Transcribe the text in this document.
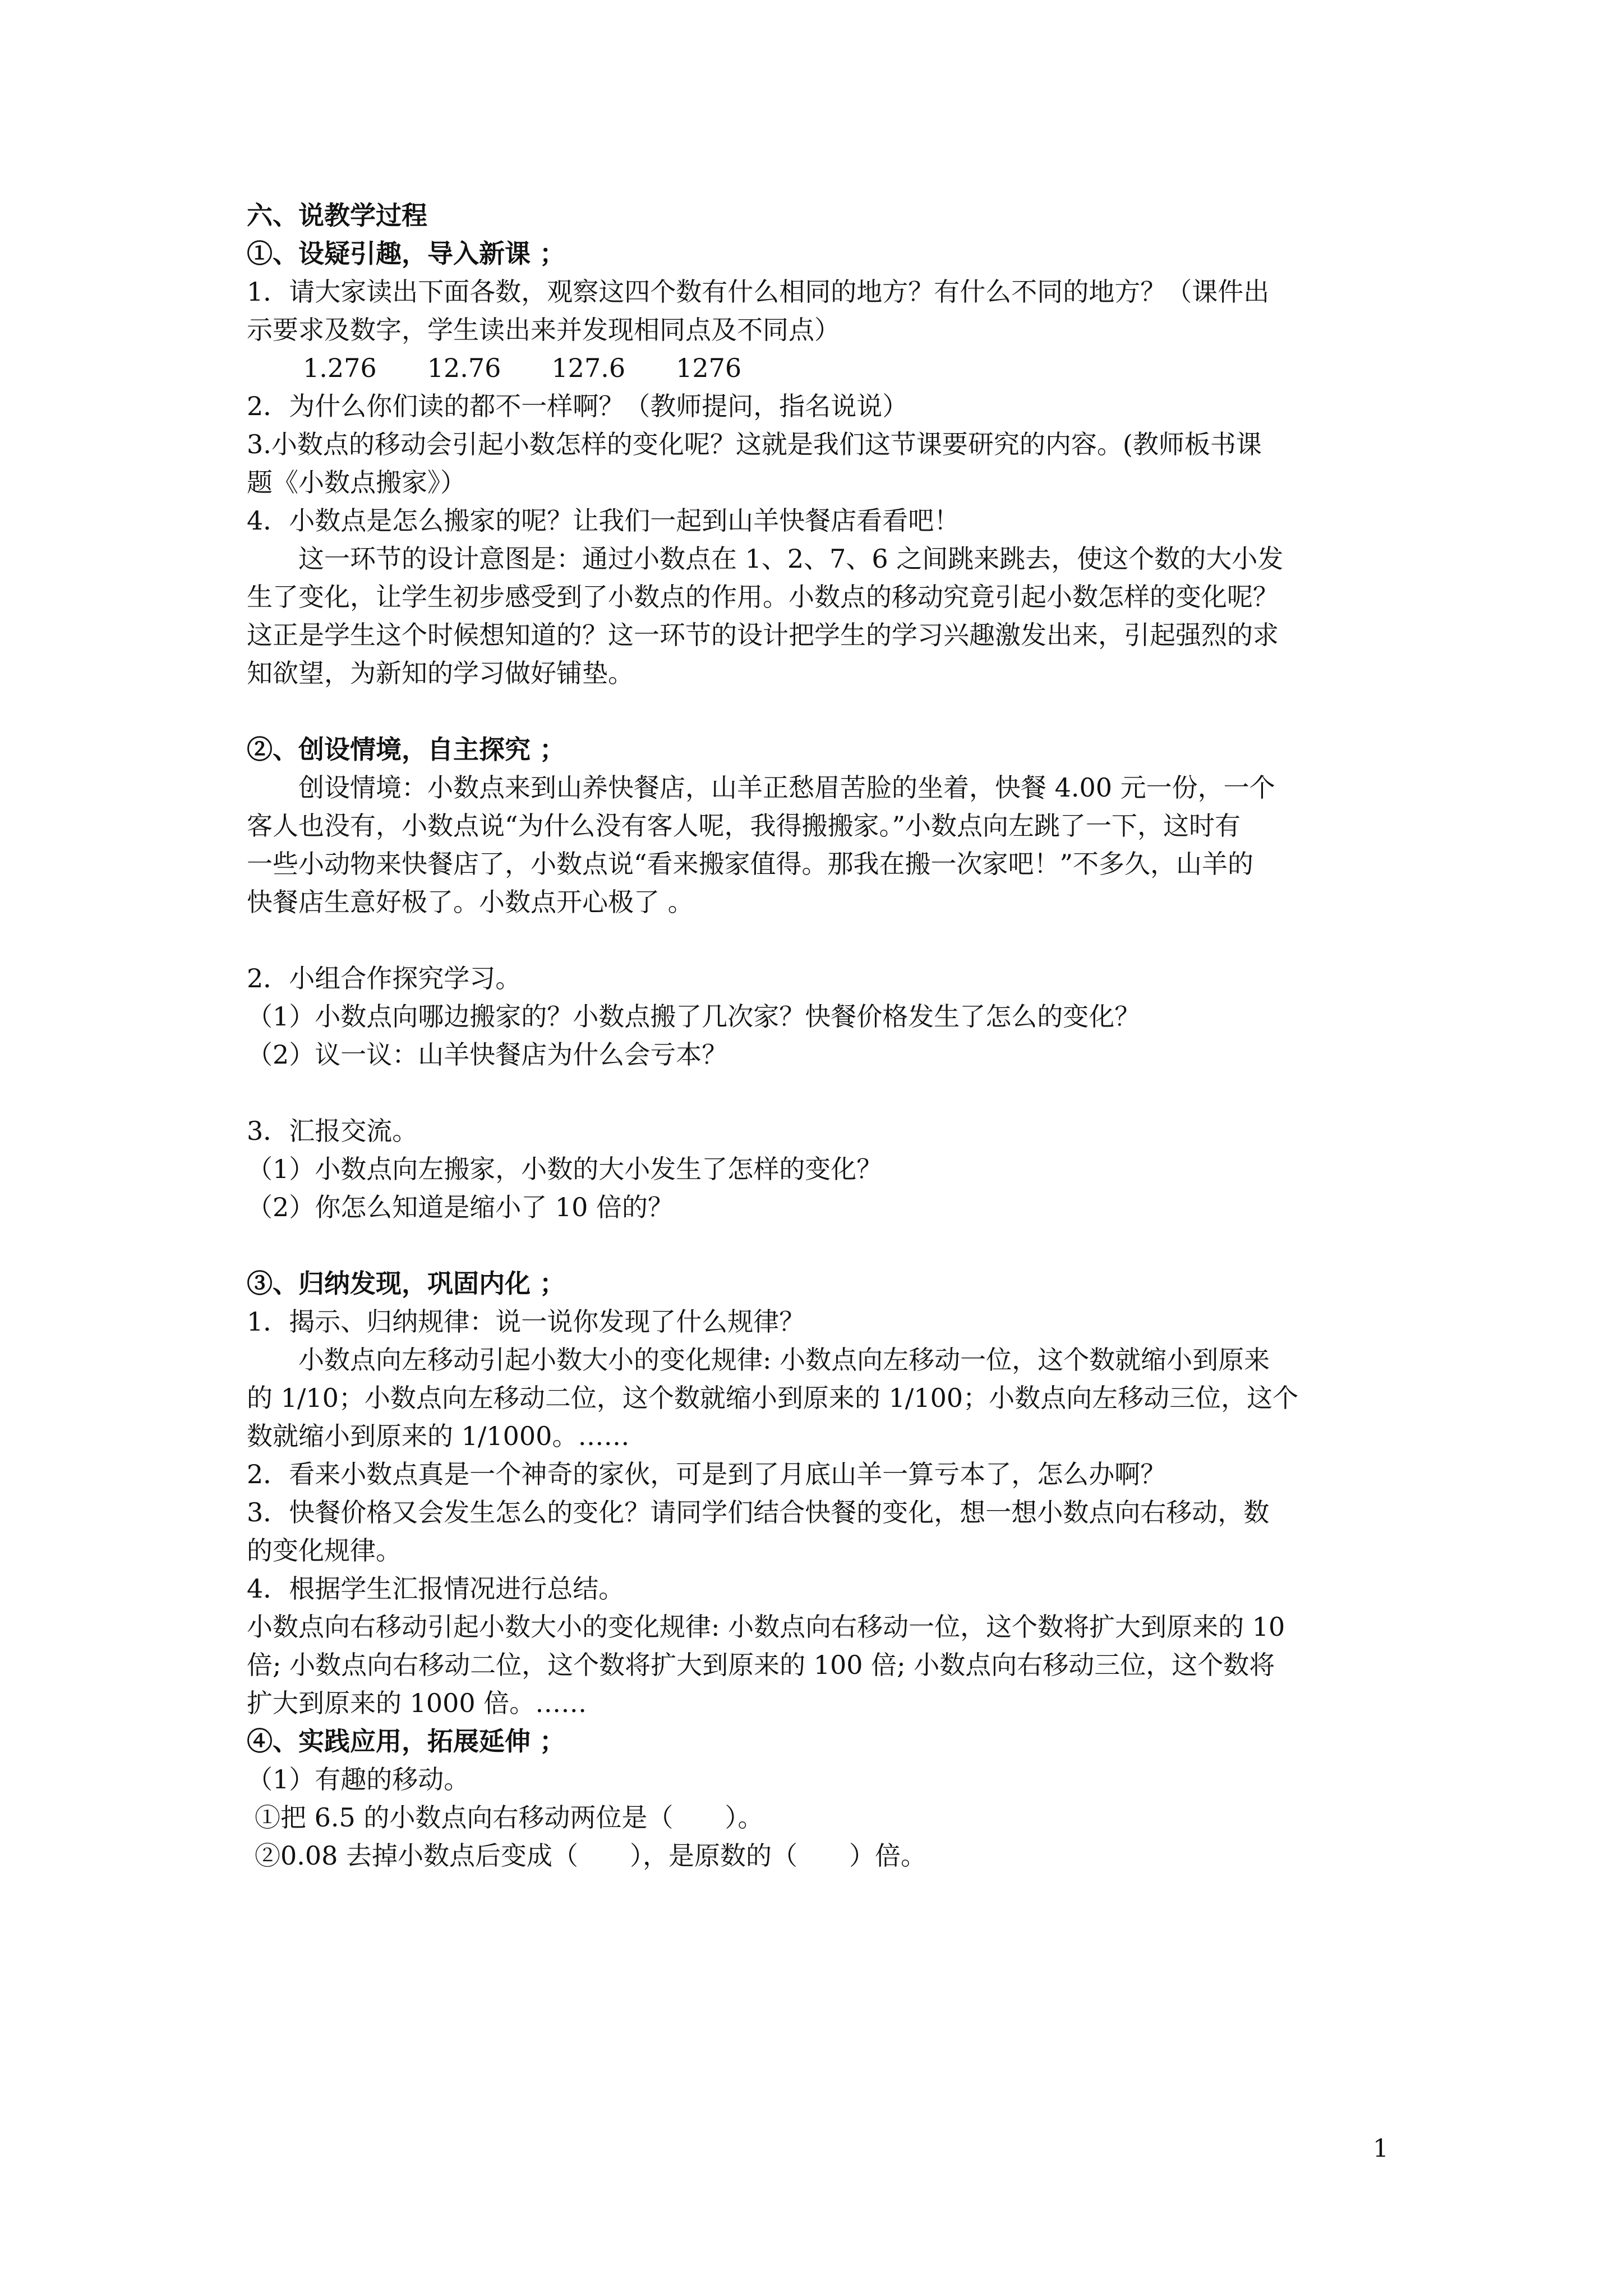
六、说教学过程

①、设疑引趣，导入新课 ；

1．请大家读出下面各数，观察这四个数有什么相同的地方？有什么不同的地方？（课件出

示要求及数字，学生读出来并发现相同点及不同点）

1.276 12.76 127.6 1276

2．为什么你们读的都不一样啊？（教师提问，指名说说）

3.小数点的移动会引起小数怎样的变化呢？这就是我们这节课要研究的内容。(教师板书课

题《小数点搬家》）

4．小数点是怎么搬家的呢？让我们一起到山羊快餐店看看吧！

这一环节的设计意图是：通过小数点在 1、2、7、6 之间跳来跳去，使这个数的大小发

生了变化，让学生初步感受到了小数点的作用。小数点的移动究竟引起小数怎样的变化呢？

这正是学生这个时候想知道的？这一环节的设计把学生的学习兴趣激发出来，引起强烈的求

知欲望，为新知的学习做好铺垫。

②、创设情境，自主探究 ；

创设情境：小数点来到山养快餐店，山羊正愁眉苦脸的坐着，快餐 4.00 元一份，一个

客人也没有，小数点说“为什么没有客人呢，我得搬搬家。”小数点向左跳了一下，这时有

一些小动物来快餐店了，小数点说“看来搬家值得。那我在搬一次家吧！”不多久，山羊的

快餐店生意好极了。小数点开心极了 。

2．小组合作探究学习。

（1）小数点向哪边搬家的？小数点搬了几次家？快餐价格发生了怎么的变化？

（2）议一议：山羊快餐店为什么会亏本？

3．汇报交流。

（1）小数点向左搬家，小数的大小发生了怎样的变化？

（2）你怎么知道是缩小了 10 倍的？

③、归纳发现，巩固内化 ；

1．揭示、归纳规律：说一说你发现了什么规律？

小数点向左移动引起小数大小的变化规律: 小数点向左移动一位，这个数就缩小到原来

的 1/10；小数点向左移动二位，这个数就缩小到原来的 1/100；小数点向左移动三位，这个

数就缩小到原来的 1/1000。……

2．看来小数点真是一个神奇的家伙，可是到了月底山羊一算亏本了，怎么办啊？

3．快餐价格又会发生怎么的变化？请同学们结合快餐的变化，想一想小数点向右移动，数

的变化规律。

4．根据学生汇报情况进行总结。

小数点向右移动引起小数大小的变化规律: 小数点向右移动一位，这个数将扩大到原来的 10

倍; 小数点向右移动二位，这个数将扩大到原来的 100 倍; 小数点向右移动三位，这个数将

扩大到原来的 1000 倍。……

④、实践应用，拓展延伸 ；

（1）有趣的移动。

①把 6.5 的小数点向右移动两位是（　　）。

②0.08 去掉小数点后变成（　　），是原数的（　　）倍。

1
